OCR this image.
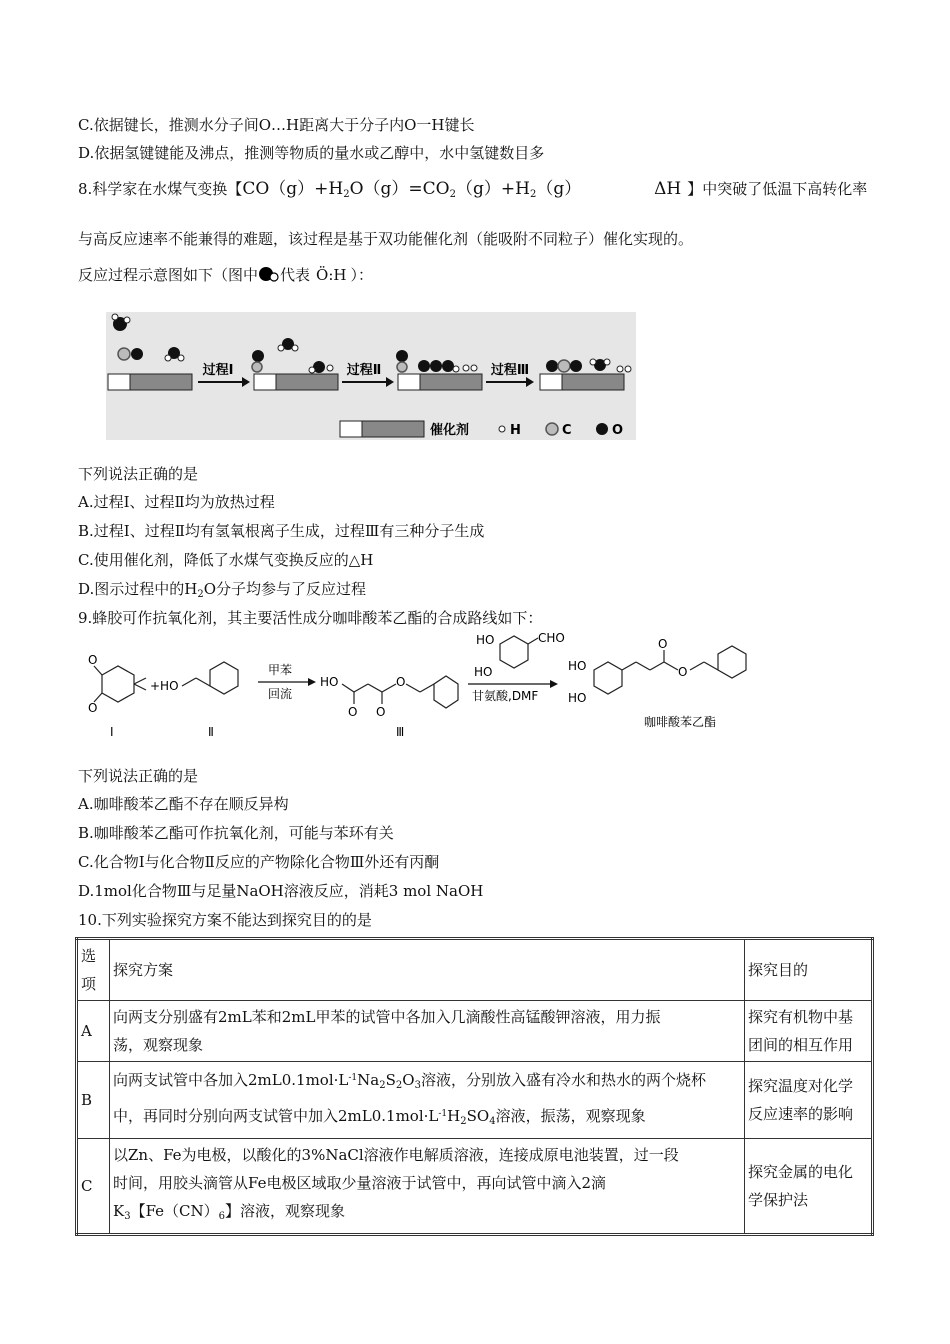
C.依据键长，推测水分子间O…H距离大于分子内O一H键长
D.依据氢键键能及沸点，推测等物质的量水或乙醇中，水中氢键数目多
8.科学家在水煤气变换【$CO(g)+H_2O(g)=CO_2(g)+H_2(g)$	ΔH 】中突破了低温下高转化率
与高反应速率不能兼得的难题，该过程是基于双功能催化剂（能吸附不同粒子）催化实现的。
反应过程示意图如下（图中 代表 Ö:H ）：
过程Ⅰ	过程Ⅱ	过程Ⅲ
催化剂	H	C	O
下列说法正确的是
A.过程Ⅰ、过程Ⅱ均为放热过程
B.过程Ⅰ、过程Ⅱ均有氢氧根离子生成，过程Ⅲ有三种分子生成
C.使用催化剂，降低了水煤气变换反应的△H
D.图示过程中的$H_2O$分子均参与了反应过程
9.蜂胶可作抗氧化剂，其主要活性成分咖啡酸苯乙酯的合成路线如下：
O
O
Ⅰ
+HO
Ⅱ
甲苯
回流
HO
O O
O
Ⅲ
HO
HO
CHO
甘氨酸,DMF
HO
HO
O
O
咖啡酸苯乙酯
下列说法正确的是
A.咖啡酸苯乙酯不存在顺反异构
B.咖啡酸苯乙酯可作抗氧化剂，可能与苯环有关
C.化合物Ⅰ与化合物Ⅱ反应的产物除化合物Ⅲ外还有丙酮
D.1mol化合物Ⅲ与足量NaOH溶液反应，消耗3 mol NaOH
10.下列实验探究方案不能达到探究目的的是
选
项	探究方案	探究目的
A	向两支分别盛有2mL苯和2mL甲苯的试管中各加入几滴酸性高锰酸钾溶液，用力振
荡，观察现象	探究有机物中基
团间的相互作用
B	向两支试管中各加入$2mL0.1mol\cdot L^{-1}Na_2S_2O_3$溶液，分别放入盛有冷水和热水的两个烧杯
中，再同时分别向两支试管中加入$2mL0.1mol\cdot L^{-1}H_2SO_4$溶液，振荡，观察现象	探究温度对化学
反应速率的影响
C	以Zn、Fe为电极，以酸化的3%NaCl溶液作电解质溶液，连接成原电池装置，过一段
时间，用胶头滴管从Fe电极区域取少量溶液于试管中，再向试管中滴入2滴
$K_3$【$Fe(CN)_6$】溶液，观察现象	探究金属的电化
学保护法
